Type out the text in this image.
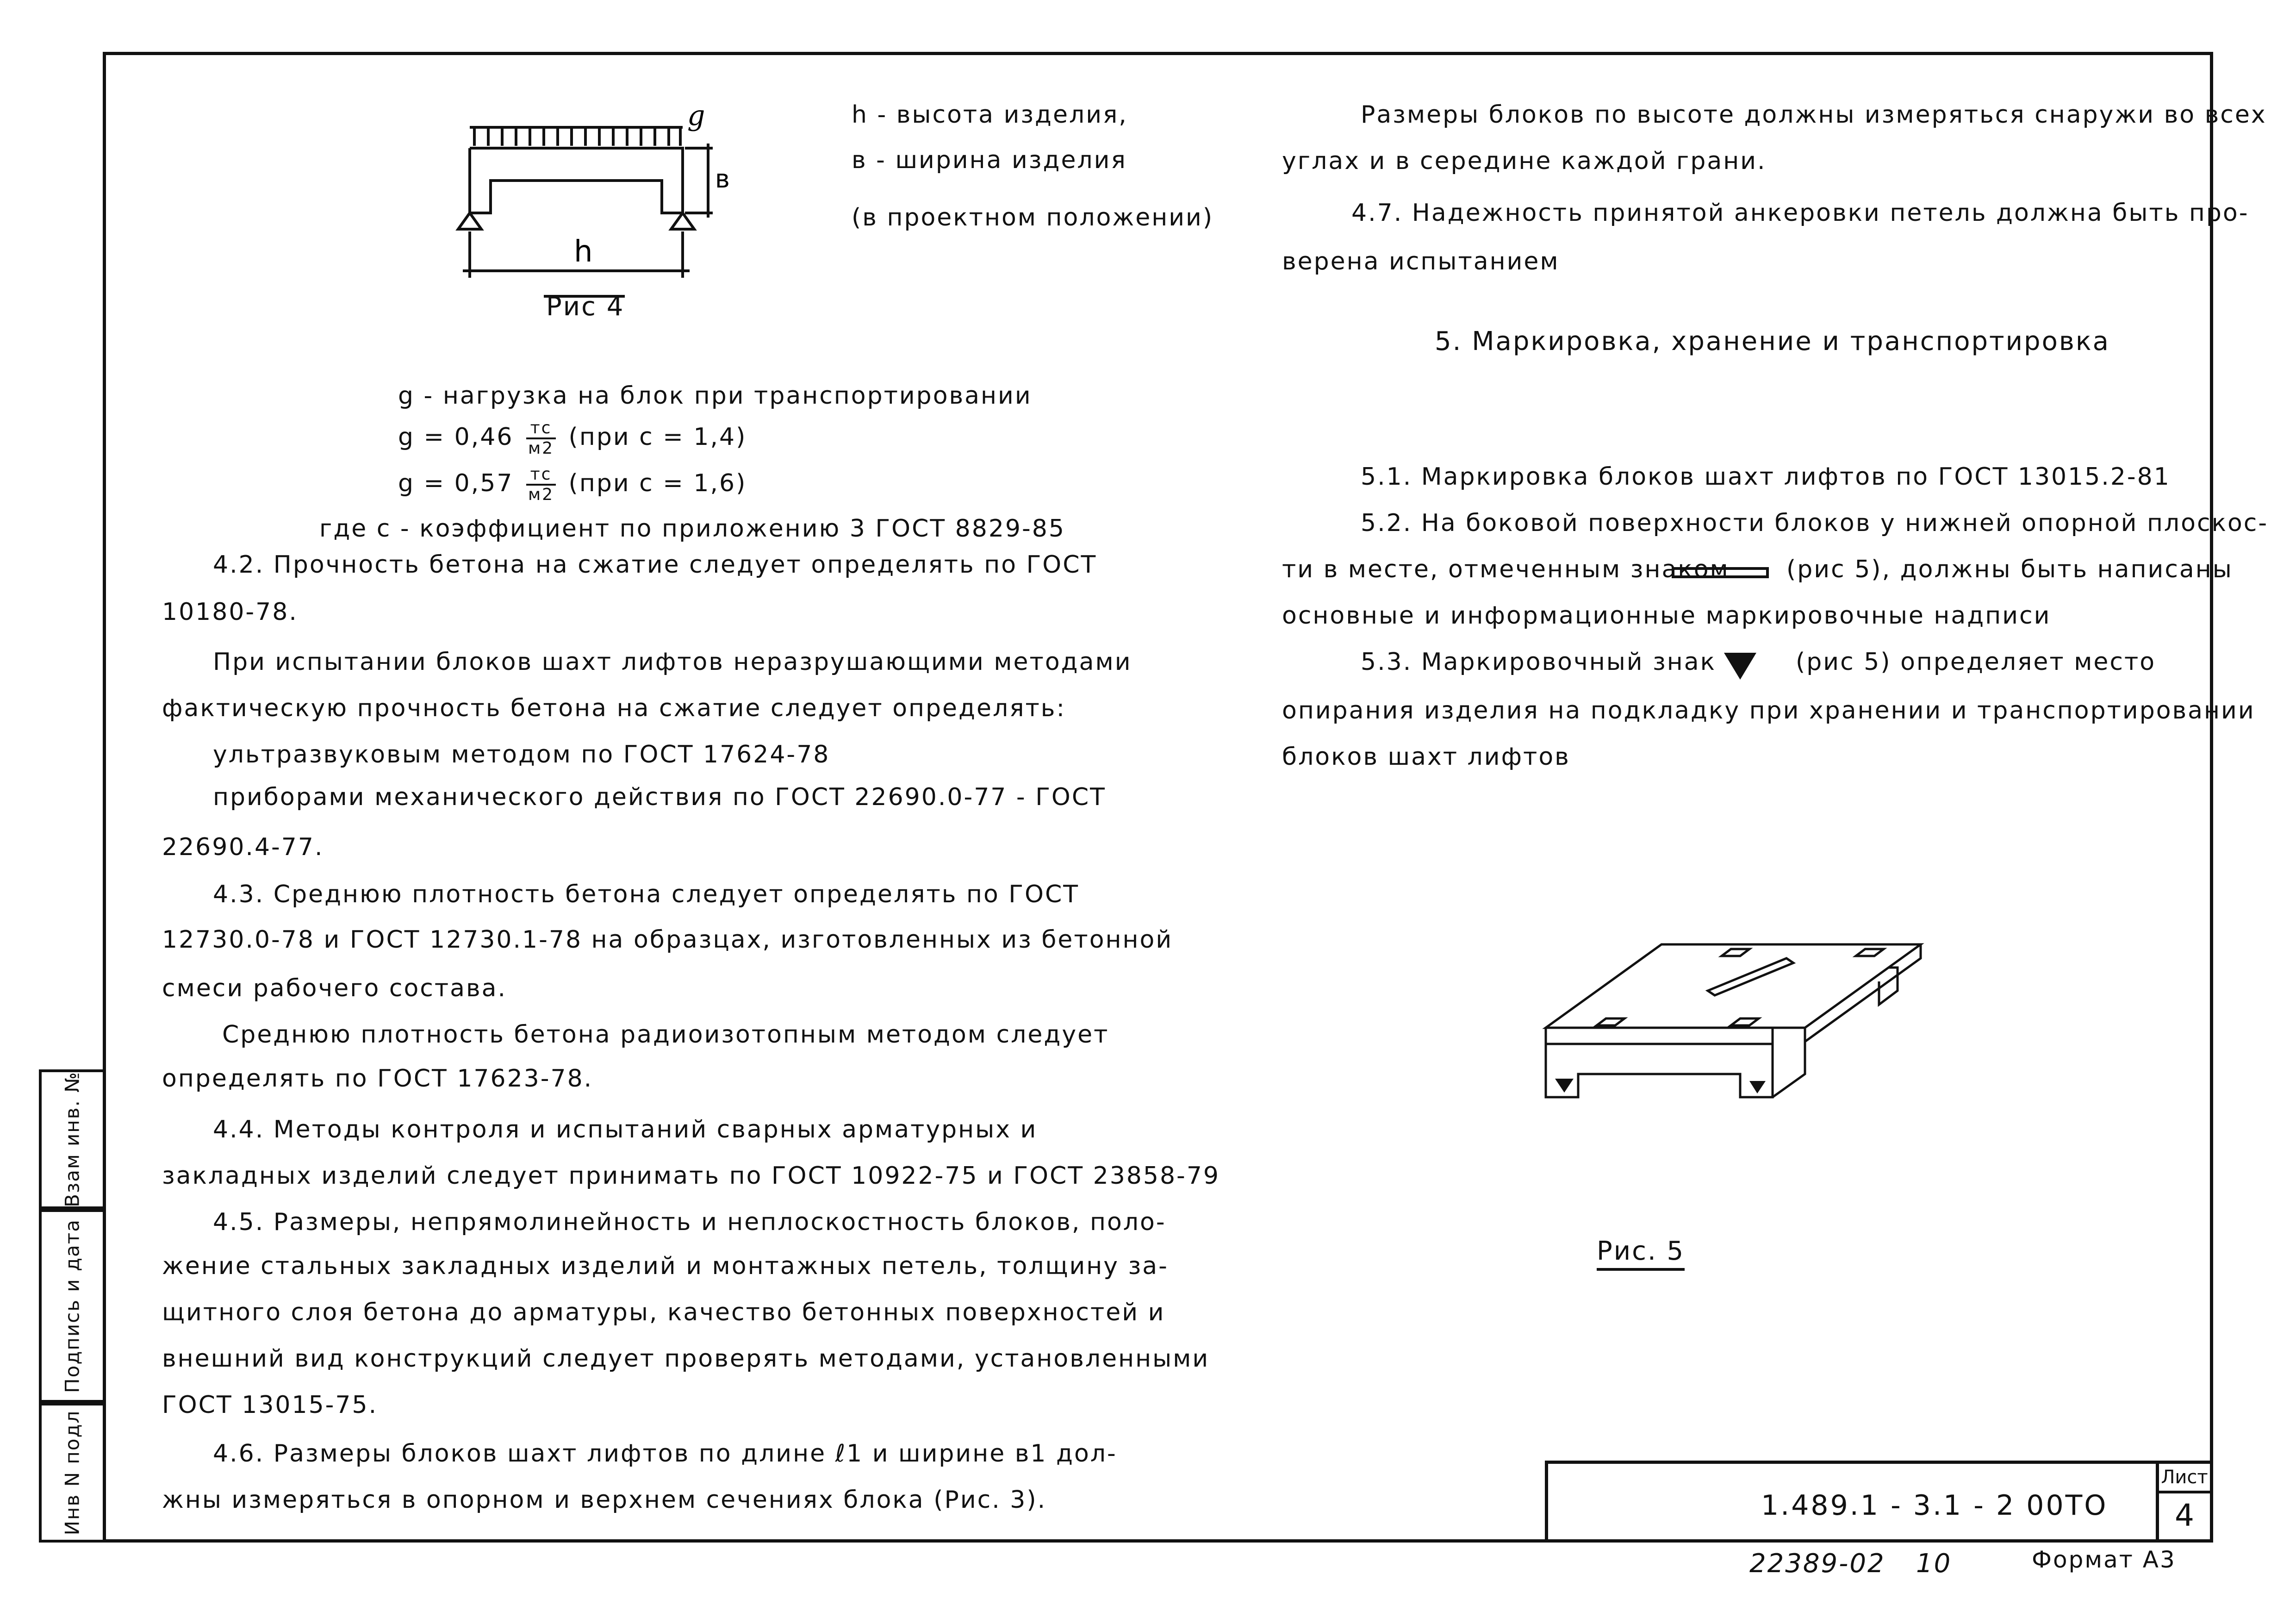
Инв N подл
Подпись и дата
Взам инв. №
g
в
h
Рис 4
h - высота изделия,
в - ширина изделия
(в проектном положении)
g - нагрузка на блок при транспортировании
$g = 0,46 \frac{тс}{м2} (при$ c = 1,4)
$g = 0,57 \frac{тс}{м2} (при$ c = 1,6)
где c - коэффициент по приложению 3 ГОСТ 8829-85
4.2. Прочность бетона на сжатие следует определять по ГОСТ
10180-78.
При испытании блоков шахт лифтов неразрушающими методами
фактическую прочность бетона на сжатие следует определять:
ультразвуковым методом по ГОСТ 17624-78
приборами механического действия по ГОСТ 22690.0-77 - ГОСТ
22690.4-77.
4.3. Среднюю плотность бетона следует определять по ГОСТ
12730.0-78 и ГОСТ 12730.1-78 на образцах, изготовленных из бетонной
смеси рабочего состава.
Среднюю плотность бетона радиоизотопным методом следует
определять по ГОСТ 17623-78.
4.4. Методы контроля и испытаний сварных арматурных и
закладных изделий следует принимать по ГОСТ 10922-75 и ГОСТ 23858-79
4.5. Размеры, непрямолинейность и неплоскостность блоков, поло-
жение стальных закладных изделий и монтажных петель, толщину за-
щитного слоя бетона до арматуры, качество бетонных поверхностей и
внешний вид конструкций следует проверять методами, установленными
ГОСТ 13015-75.
4.6. Размеры блоков шахт лифтов по длине ℓ1 и ширине в1 дол-
жны измеряться в опорном и верхнем сечениях блока (Рис. 3).
Размеры блоков по высоте должны измеряться снаружи во всех
углах и в середине каждой грани.
4.7. Надежность принятой анкеровки петель должна быть про-
верена испытанием
5. Маркировка, хранение и транспортировка
5.1. Маркировка блоков шахт лифтов по ГОСТ 13015.2-81
5.2. На боковой поверхности блоков у нижней опорной плоскос-
ти в месте, отмеченным знаком (рис 5), должны быть написаны
основные и информационные маркировочные надписи
5.3. Маркировочный знак	(рис 5) определяет место
опирания изделия на подкладку при хранении и транспортировании
блоков шахт лифтов
Рис. 5
1.489.1 - 3.1 - 2 00ТО
Лист
4
22389-02 10	Формат А3
